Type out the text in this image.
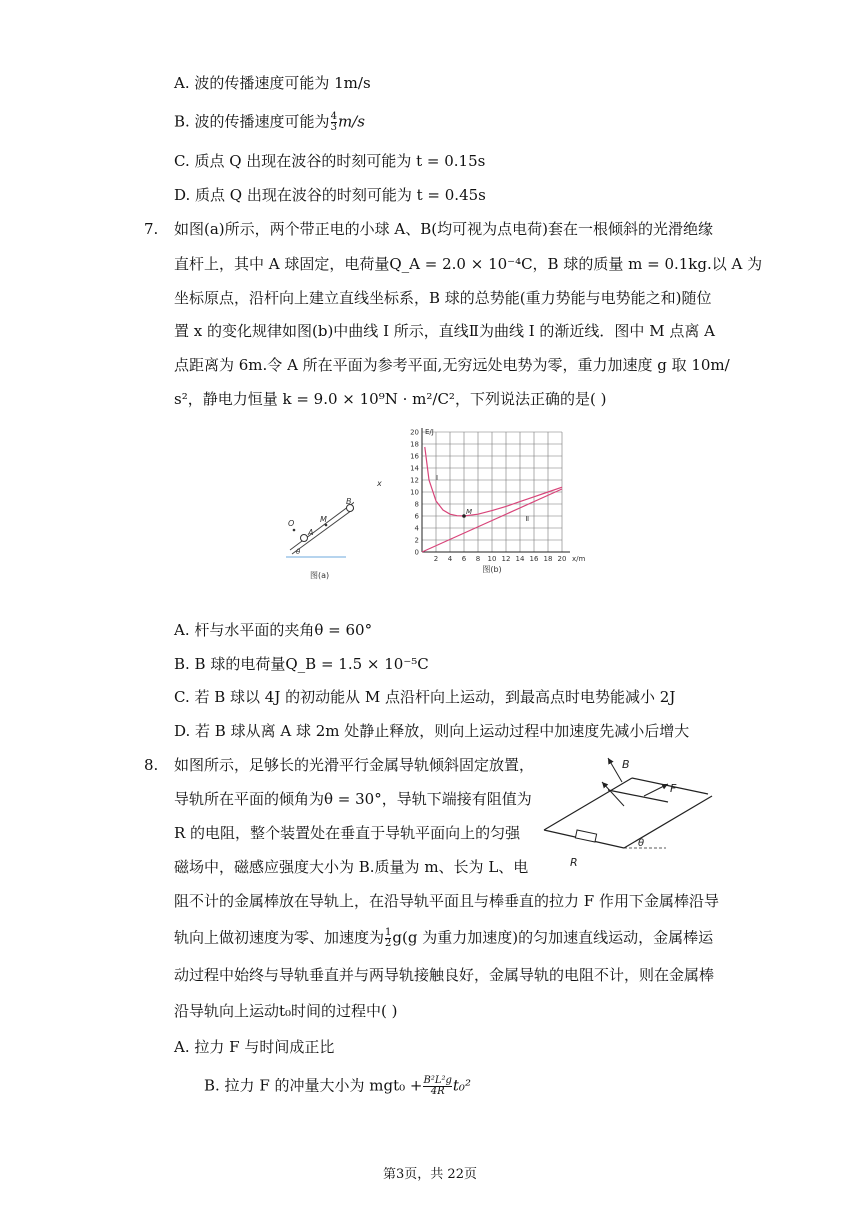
A. 波的传播速度可能为 1m/s
B. 波的传播速度可能为 $\frac{4}{3} m/s$
C. 质点 Q 出现在波谷的时刻可能为 t = 0.15s
D. 质点 Q 出现在波谷的时刻可能为 t = 0.45s
7. 如图(a)所示，两个带正电的小球 A、B(均可视为点电荷)套在一根倾斜的光滑绝缘
直杆上，其中 A 球固定，电荷量Q_A = 2.0 × 10⁻⁴C，B 球的质量 m = 0.1kg.以 A 为
坐标原点，沿杆向上建立直线坐标系，B 球的总势能(重力势能与电势能之和)随位
置 x 的变化规律如图(b)中曲线 I 所示，直线Ⅱ为曲线 I 的渐近线．图中 M 点离 A
点距离为 6m.令 A 所在平面为参考平面,无穷远处电势为零，重力加速度 g 取 10m/
s²，静电力恒量 k = 9.0 × 10⁹N · m²/C²，下列说法正确的是( )
O
A
M
B
θ
图(a)
x
2 4 6 8 10 12 14 16 18 20
0
2
4
6
8
10
12
14
16
18
20 E/J
x/m
I
Ⅱ
M
图(b)
A. 杆与水平面的夹角θ = 60°
B. B 球的电荷量Q_B = 1.5 × 10⁻⁵C
C. 若 B 球以 4J 的初动能从 M 点沿杆向上运动，到最高点时电势能减小 2J
D. 若 B 球从离 A 球 2m 处静止释放，则向上运动过程中加速度先减小后增大
8. 如图所示，足够长的光滑平行金属导轨倾斜固定放置，
导轨所在平面的倾角为θ = 30°，导轨下端接有阻值为
R 的电阻，整个装置处在垂直于导轨平面向上的匀强
磁场中，磁感应强度大小为 B.质量为 m、长为 L、电
阻不计的金属棒放在导轨上，在沿导轨平面且与棒垂直的拉力 F 作用下金属棒沿导
轨向上做初速度为零、加速度为 $\frac{1}{2} g(g$ 为重力加速度)的匀加速直线运动，金属棒运
动过程中始终与导轨垂直并与两导轨接触良好，金属导轨的电阻不计，则在金属棒
沿导轨向上运动t₀时间的过程中( )
R
B
F
θ
A. 拉力 F 与时间成正比
B. 拉力 F 的冲量大小为 $mgt_0 + \frac{\text{B²L²g}}{4R} t_0^2$
第3页，共 22页
